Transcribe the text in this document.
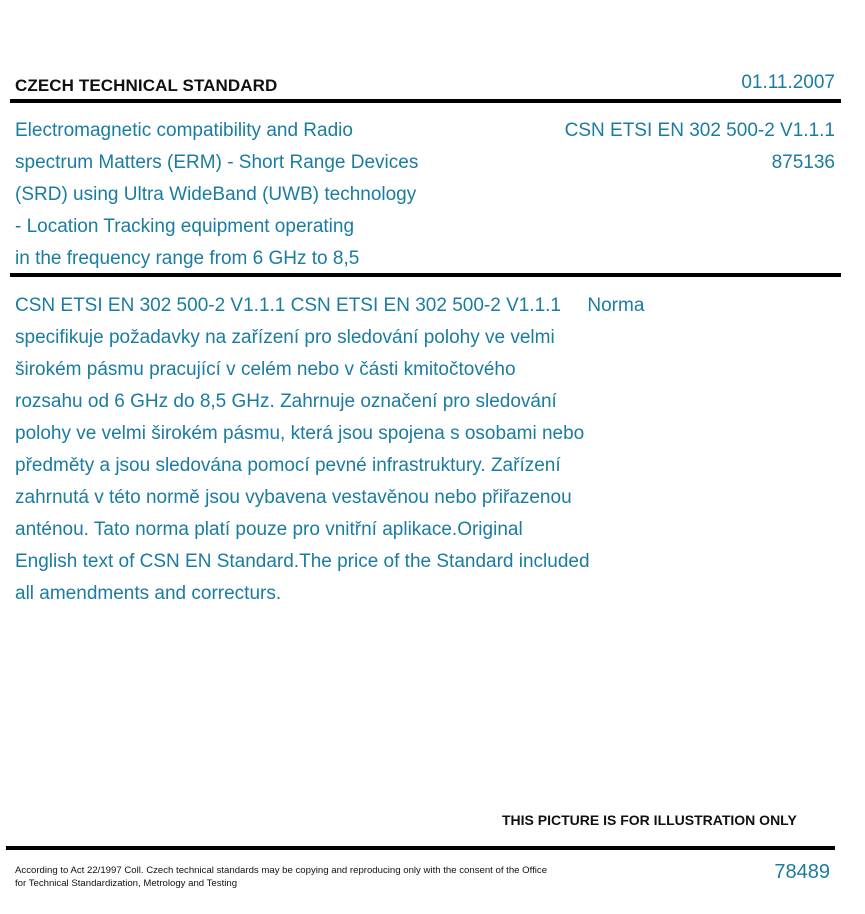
CZECH TECHNICAL STANDARD	01.11.2007
Electromagnetic compatibility and Radio
spectrum Matters (ERM) - Short Range Devices
(SRD) using Ultra WideBand (UWB) technology
- Location Tracking equipment operating
in the frequency range from 6 GHz to 8,5
CSN ETSI EN 302 500-2 V1.1.1
875136
CSN ETSI EN 302 500-2 V1.1.1 CSN ETSI EN 302 500-2 V1.1.1     Norma
specifikuje požadavky na zařízení pro sledování polohy ve velmi
širokém pásmu pracující v celém nebo v části kmitočtového
rozsahu od 6 GHz do 8,5 GHz. Zahrnuje označení pro sledování
polohy ve velmi širokém pásmu, která jsou spojena s osobami nebo
předměty a jsou sledována pomocí pevné infrastruktury. Zařízení
zahrnutá v této normě jsou vybavena vestavěnou nebo přiřazenou
anténou. Tato norma platí pouze pro vnitřní aplikace.Original
English text of CSN EN Standard.The price of the Standard included
all amendments and correcturs.
THIS PICTURE IS FOR ILLUSTRATION ONLY
According to Act 22/1997 Coll. Czech technical standards may be copying and reproducing only with the consent of the Office
for Technical Standardization, Metrology and Testing
78489
